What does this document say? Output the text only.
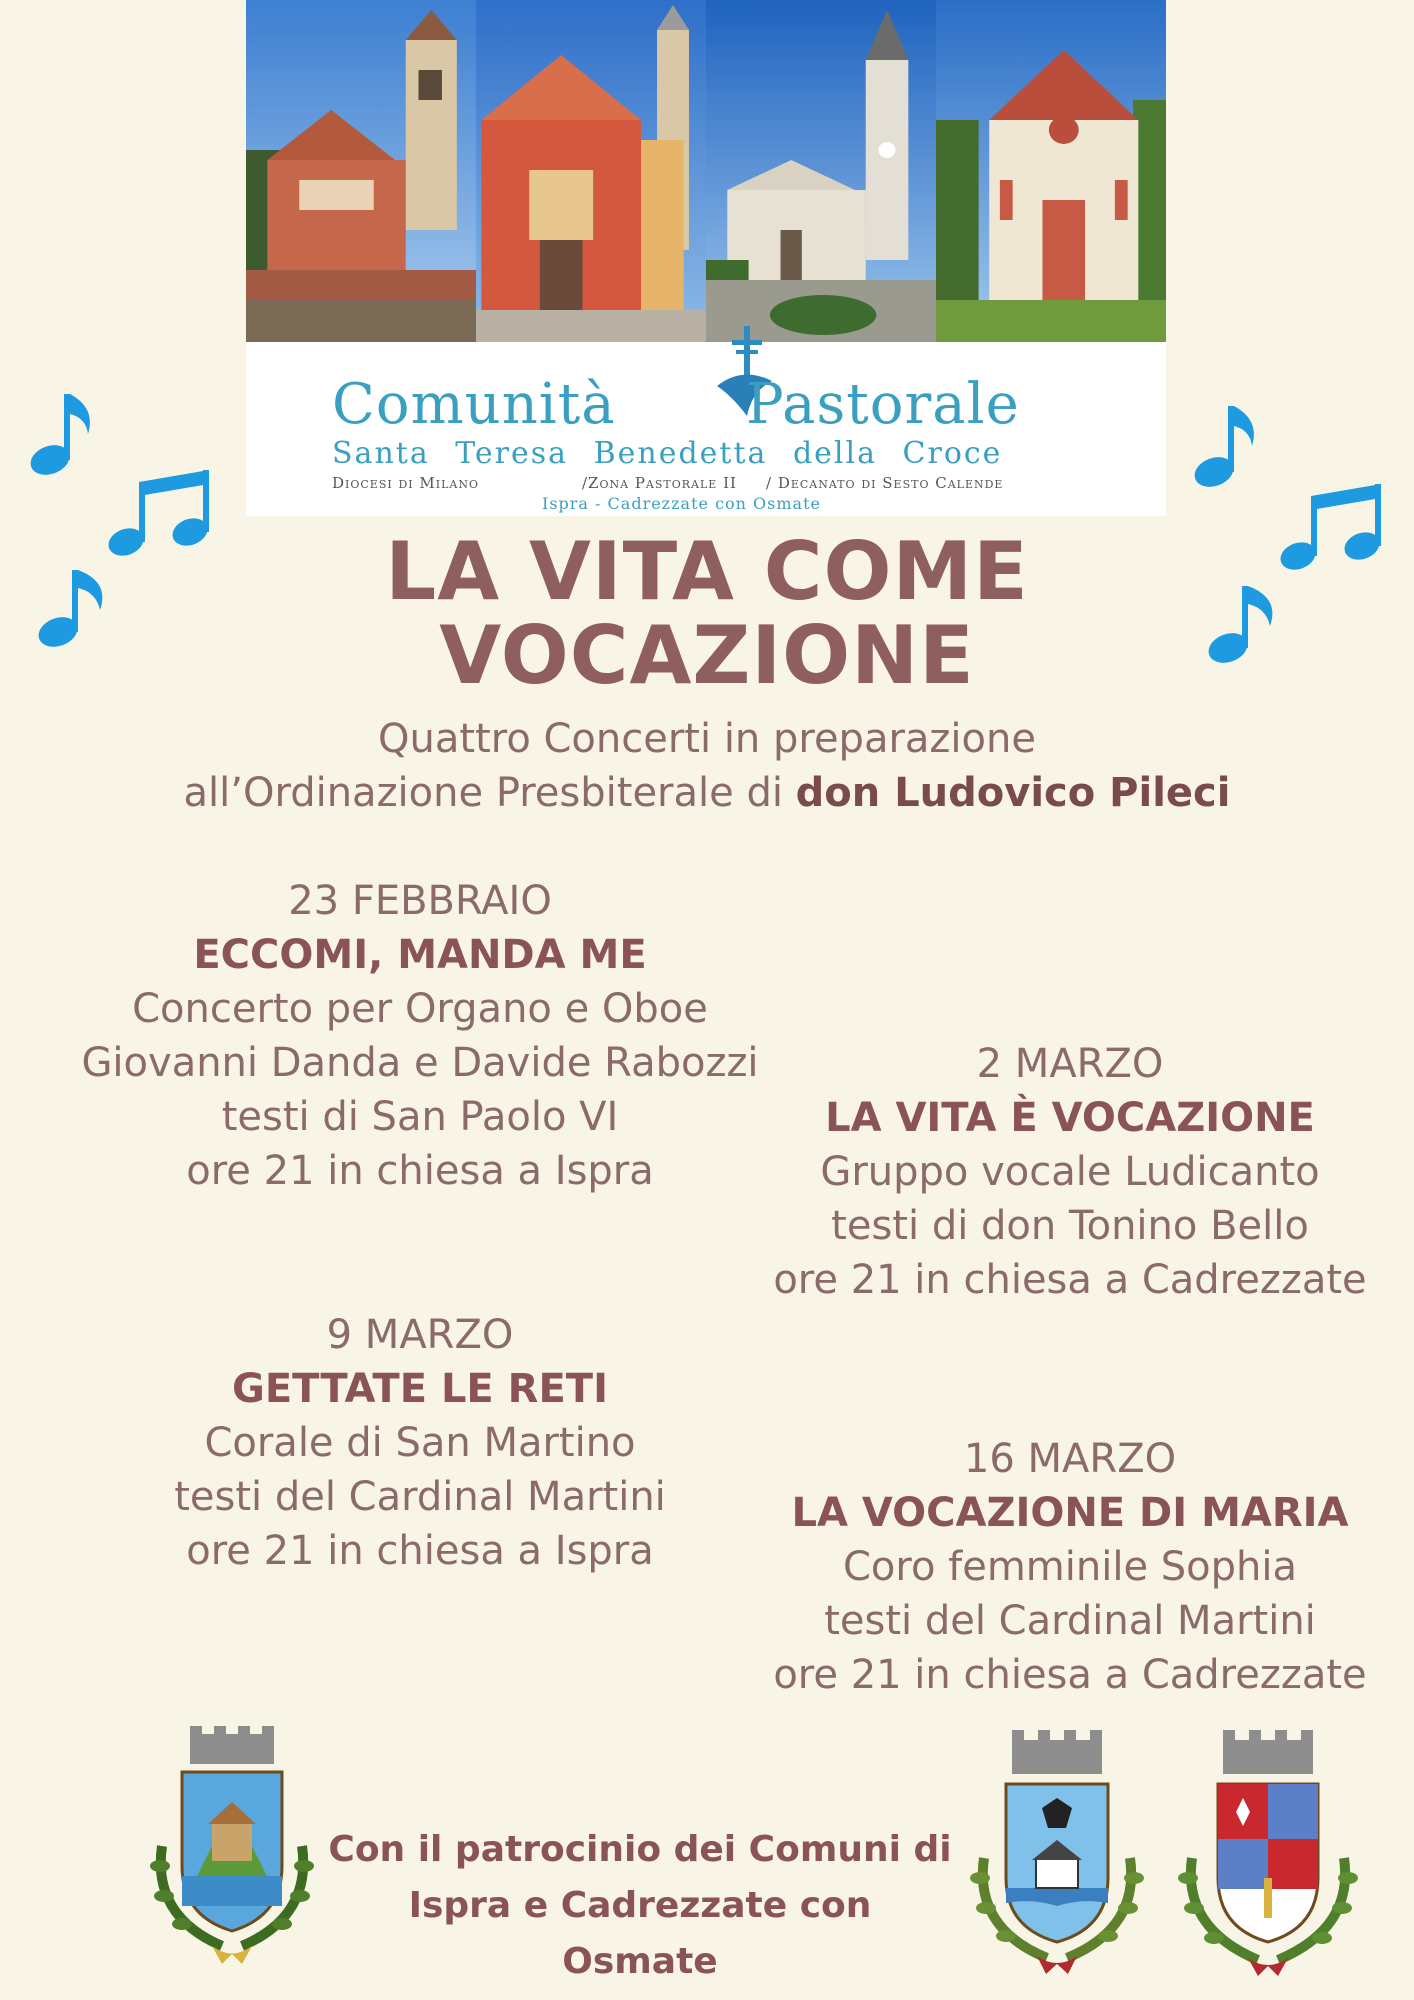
Comunità Pastorale
Santa Teresa Benedetta della Croce
Diocesi di Milano	/Zona Pastorale II / Decanato di Sesto Calende
Ispra - Cadrezzate con Osmate
LA VITA COME
VOCAZIONE
Quattro Concerti in preparazione
all’Ordinazione Presbiterale di don Ludovico Pileci
23 FEBBRAIO
ECCOMI, MANDA ME
Concerto per Organo e Oboe
Giovanni Danda e Davide Rabozzi
testi di San Paolo VI
ore 21 in chiesa a Ispra
2 MARZO
LA VITA È VOCAZIONE
Gruppo vocale Ludicanto
testi di don Tonino Bello
ore 21 in chiesa a Cadrezzate
9 MARZO
GETTATE LE RETI
Corale di San Martino
testi del Cardinal Martini
ore 21 in chiesa a Ispra
16 MARZO
LA VOCAZIONE DI MARIA
Coro femminile Sophia
testi del Cardinal Martini
ore 21 in chiesa a Cadrezzate
Con il patrocinio dei Comuni di
Ispra e Cadrezzate con Osmate
